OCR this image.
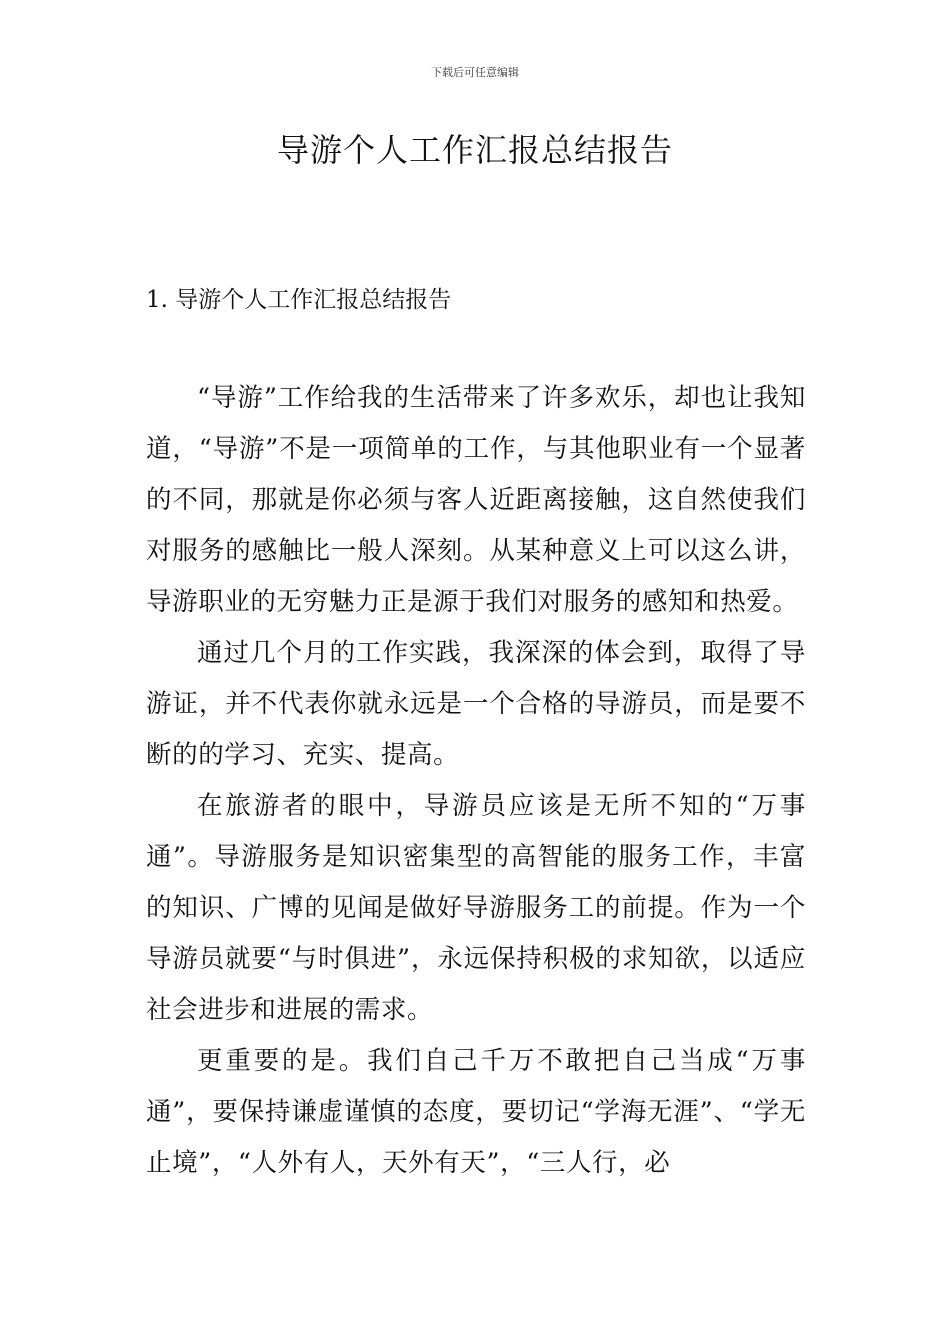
下载后可任意编辑
导游个人工作汇报总结报告
1. 导游个人工作汇报总结报告

“导游”工作给我的生活带来了许多欢乐，却也让我知道，“导游”不是一项简单的工作，与其他职业有一个显著的不同，那就是你必须与客人近距离接触，这自然使我们对服务的感触比一般人深刻。从某种意义上可以这么讲，导游职业的无穷魅力正是源于我们对服务的感知和热爱。

通过几个月的工作实践，我深深的体会到，取得了导游证，并不代表你就永远是一个合格的导游员，而是要不断的的学习、充实、提高。

在旅游者的眼中，导游员应该是无所不知的“万事通”。导游服务是知识密集型的高智能的服务工作，丰富的知识、广博的见闻是做好导游服务工的前提。作为一个导游员就要“与时俱进”，永远保持积极的求知欲，以适应社会进步和进展的需求。

更重要的是。我们自己千万不敢把自己当成“万事通”，要保持谦虚谨慎的态度，要切记“学海无涯”、“学无止境”，“人外有人，天外有天”，“三人行，必
